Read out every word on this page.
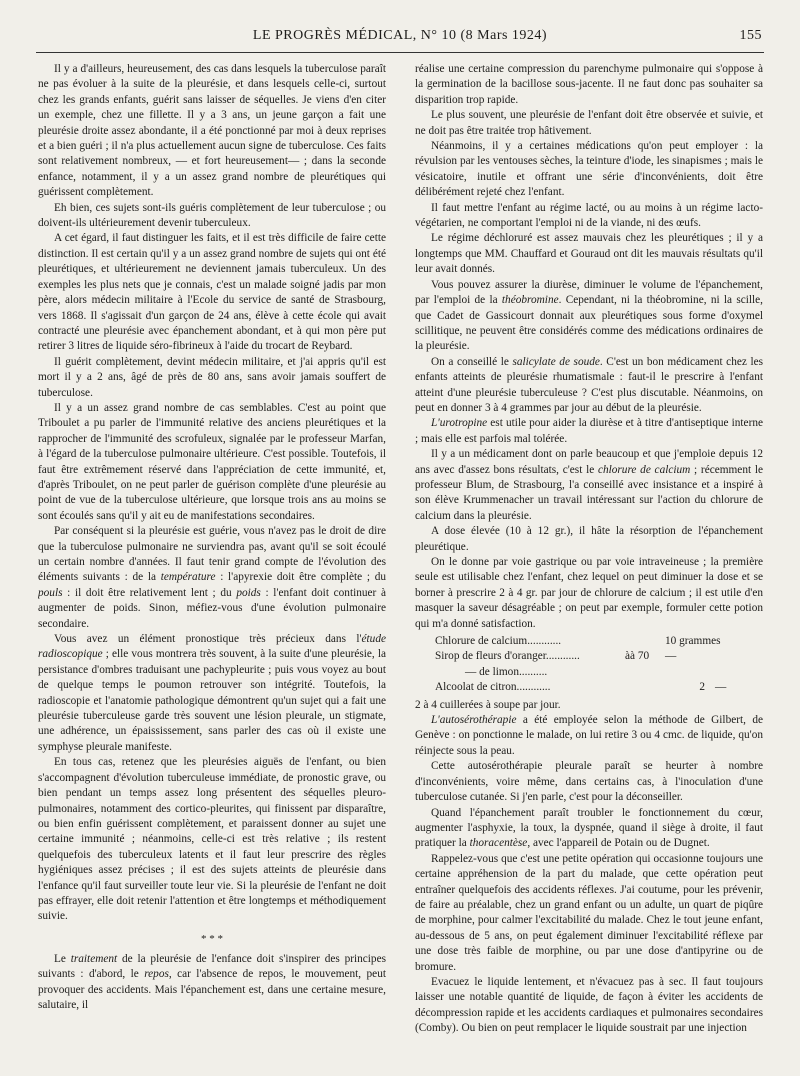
LE PROGRÈS MÉDICAL, N° 10 (8 Mars 1924)	155

Il y a d'ailleurs, heureusement, des cas dans lesquels la tuberculose paraît ne pas évoluer à la suite de la pleurésie, et dans lesquels celle-ci, surtout chez les grands enfants, guérit sans laisser de séquelles. Je viens d'en citer un exemple, chez une fillette. Il y a 3 ans, un jeune garçon a fait une pleurésie droite assez abondante, il a été ponctionné par moi à deux reprises et a bien guéri ; il n'a plus actuellement aucun signe de tuberculose. Ces faits sont relativement nombreux, — et fort heureusement— ; dans la seconde enfance, notamment, il y a un assez grand nombre de pleurétiques qui guérissent complètement.

Eh bien, ces sujets sont-ils guéris complètement de leur tuberculose ; ou doivent-ils ultérieurement devenir tuberculeux.

A cet égard, il faut distinguer les faits, et il est très difficile de faire cette distinction. Il est certain qu'il y a un assez grand nombre de sujets qui ont été pleurétiques, et ultérieurement ne deviennent jamais tuberculeux. Un des exemples les plus nets que je connais, c'est un malade soigné jadis par mon père, alors médecin militaire à l'Ecole du service de santé de Strasbourg, vers 1868. Il s'agissait d'un garçon de 24 ans, élève à cette école qui avait contracté une pleurésie avec épanchement abondant, et à qui mon père put retirer 3 litres de liquide séro-fibrineux à l'aide du trocart de Reybard.

Il guérit complètement, devint médecin militaire, et j'ai appris qu'il est mort il y a 2 ans, âgé de près de 80 ans, sans avoir jamais souffert de tuberculose.

Il y a un assez grand nombre de cas semblables. C'est au point que Triboulet a pu parler de l'immunité relative des anciens pleurétiques et la rapprocher de l'immunité des scrofuleux, signalée par le professeur Marfan, à l'égard de la tuberculose pulmonaire ultérieure. C'est possible. Toutefois, il faut être extrêmement réservé dans l'appréciation de cette immunité, et, d'après Triboulet, on ne peut parler de guérison complète d'une pleurésie au point de vue de la tuberculose ultérieure, que lorsque trois ans au moins se sont écoulés sans qu'il y ait eu de manifestations secondaires.

Par conséquent si la pleurésie est guérie, vous n'avez pas le droit de dire que la tuberculose pulmonaire ne surviendra pas, avant qu'il se soit écoulé un certain nombre d'années. Il faut tenir grand compte de l'évolution des éléments suivants : de la température : l'apyrexie doit être complète ; du pouls : il doit être relativement lent ; du poids : l'enfant doit continuer à augmenter de poids. Sinon, méfiez-vous d'une évolution pulmonaire secondaire.

Vous avez un élément pronostique très précieux dans l'étude radioscopique ; elle vous montrera très souvent, à la suite d'une pleurésie, la persistance d'ombres traduisant une pachypleurite ; puis vous voyez au bout de quelque temps le poumon retrouver son intégrité. Toutefois, la radioscopie et l'anatomie pathologique démontrent qu'un sujet qui a fait une pleurésie tuberculeuse garde très souvent une lésion pleurale, un stigmate, une adhérence, un épaississement, sans parler des cas où il existe une symphyse pleurale manifeste.

En tous cas, retenez que les pleurésies aiguës de l'enfant, ou bien s'accompagnent d'évolution tuberculeuse immédiate, de pronostic grave, ou bien pendant un temps assez long présentent des séquelles pleuro-pulmonaires, notamment des cortico-pleurites, qui finissent par disparaître, ou bien enfin guérissent complètement, et paraissent donner au sujet une certaine immunité ; néanmoins, celle-ci est très relative ; ils restent quelquefois des tuberculeux latents et il faut leur prescrire des règles hygiéniques assez précises ; il est des sujets atteints de pleurésie dans l'enfance qu'il faut surveiller toute leur vie. Si la pleurésie de l'enfant ne doit pas effrayer, elle doit retenir l'attention et être longtemps et méthodiquement suivie.

* * *

Le traitement de la pleurésie de l'enfance doit s'inspirer des principes suivants : d'abord, le repos, car l'absence de repos, le mouvement, peut provoquer des accidents. Mais l'épanchement est, dans une certaine mesure, salutaire, il

réalise une certaine compression du parenchyme pulmonaire qui s'oppose à la germination de la bacillose sous-jacente. Il ne faut donc pas souhaiter sa disparition trop rapide.

Le plus souvent, une pleurésie de l'enfant doit être observée et suivie, et ne doit pas être traitée trop hâtivement.

Néanmoins, il y a certaines médications qu'on peut employer : la révulsion par les ventouses sèches, la teinture d'iode, les sinapismes ; mais le vésicatoire, inutile et offrant une série d'inconvénients, doit être délibérément rejeté chez l'enfant.

Il faut mettre l'enfant au régime lacté, ou au moins à un régime lacto-végétarien, ne comportant l'emploi ni de la viande, ni des œufs.

Le régime déchloruré est assez mauvais chez les pleurétiques ; il y a longtemps que MM. Chauffard et Gouraud ont dit les mauvais résultats qu'il leur avait donnés.

Vous pouvez assurer la diurèse, diminuer le volume de l'épanchement, par l'emploi de la théobromine. Cependant, ni la théobromine, ni la scille, que Cadet de Gassicourt donnait aux pleurétiques sous forme d'oxymel scillitique, ne peuvent être considérés comme des médications ordinaires de la pleurésie.

On a conseillé le salicylate de soude. C'est un bon médicament chez les enfants atteints de pleurésie rhumatismale : faut-il le prescrire à l'enfant atteint d'une pleurésie tuberculeuse ? C'est plus discutable. Néanmoins, on peut en donner 3 à 4 grammes par jour au début de la pleurésie.

L'urotropine est utile pour aider la diurèse et à titre d'antiseptique interne ; mais elle est parfois mal tolérée.

Il y a un médicament dont on parle beaucoup et que j'emploie depuis 12 ans avec d'assez bons résultats, c'est le chlorure de calcium ; récemment le professeur Blum, de Strasbourg, l'a conseillé avec insistance et a inspiré à son élève Krummenacher un travail intéressant sur l'action du chlorure de calcium dans la pleurésie.

A dose élevée (10 à 12 gr.), il hâte la résorption de l'épanchement pleurétique.

On le donne par voie gastrique ou par voie intraveineuse ; la première seule est utilisable chez l'enfant, chez lequel on peut diminuer la dose et se borner à prescrire 2 à 4 gr. par jour de chlorure de calcium ; il est utile d'en masquer la saveur désagréable ; on peut par exemple, formuler cette potion qui m'a donné satisfaction.

Chlorure de calcium............	10 grammes
Sirop de fleurs d'oranger............	àà 70	—
— de limon..........
Alcoolat de citron............	2 —

2 à 4 cuillerées à soupe par jour.

L'autosérothérapie a été employée selon la méthode de Gilbert, de Genève : on ponctionne le malade, on lui retire 3 ou 4 cmc. de liquide, qu'on réinjecte sous la peau.

Cette autosérothérapie pleurale paraît se heurter à nombre d'inconvénients, voire même, dans certains cas, à l'inoculation d'une tuberculose cutanée. Si j'en parle, c'est pour la déconseiller.

Quand l'épanchement paraît troubler le fonctionnement du cœur, augmenter l'asphyxie, la toux, la dyspnée, quand il siège à droite, il faut pratiquer la thoracentèse, avec l'appareil de Potain ou de Dugnet.

Rappelez-vous que c'est une petite opération qui occasionne toujours une certaine appréhension de la part du malade, que cette opération peut entraîner quelquefois des accidents réflexes. J'ai coutume, pour les prévenir, de faire au préalable, chez un grand enfant ou un adulte, un quart de piqûre de morphine, pour calmer l'excitabilité du malade. Chez le tout jeune enfant, au-dessous de 5 ans, on peut également diminuer l'excitabilité réflexe par une dose très faible de morphine, ou par une dose d'antipyrine ou de bromure.

Evacuez le liquide lentement, et n'évacuez pas à sec. Il faut toujours laisser une notable quantité de liquide, de façon à éviter les accidents de décompression rapide et les accidents cardiaques et pulmonaires secondaires (Comby). Ou bien on peut remplacer le liquide soustrait par une injection
